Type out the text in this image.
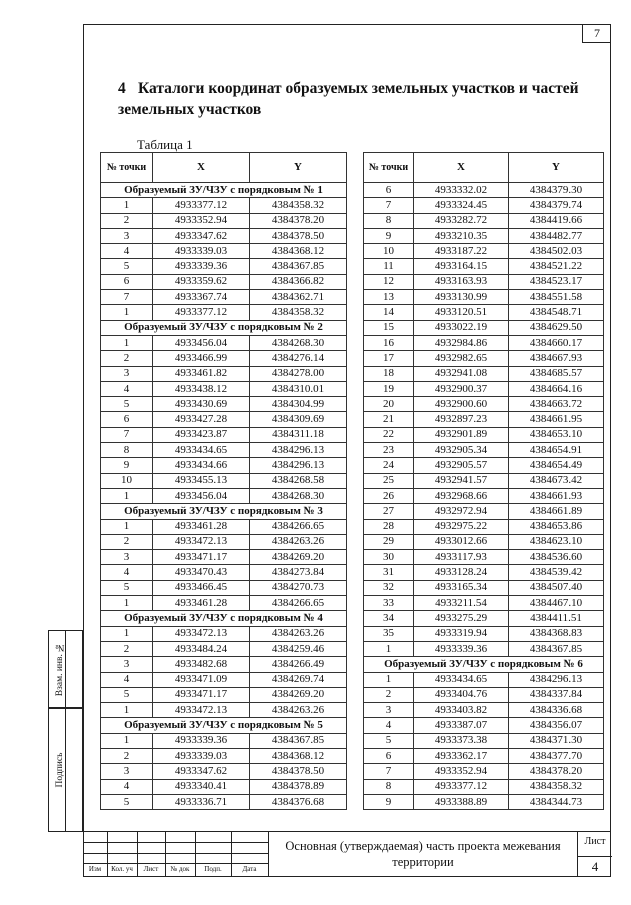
7
4 Каталоги координат образуемых земельных участков и частей земельных участков
Таблица 1
№ точки	X	Y
Образуемый ЗУ/ЧЗУ с порядковым № 1		
1	4933377.12	4384358.32
2	4933352.94	4384378.20
3	4933347.62	4384378.50
4	4933339.03	4384368.12
5	4933339.36	4384367.85
6	4933359.62	4384366.82
7	4933367.74	4384362.71
1	4933377.12	4384358.32
Образуемый ЗУ/ЧЗУ с порядковым № 2		
1	4933456.04	4384268.30
2	4933466.99	4384276.14
3	4933461.82	4384278.00
4	4933438.12	4384310.01
5	4933430.69	4384304.99
6	4933427.28	4384309.69
7	4933423.87	4384311.18
8	4933434.65	4384296.13
9	4933434.66	4384296.13
10	4933455.13	4384268.58
1	4933456.04	4384268.30
Образуемый ЗУ/ЧЗУ с порядковым № 3		
1	4933461.28	4384266.65
2	4933472.13	4384263.26
3	4933471.17	4384269.20
4	4933470.43	4384273.84
5	4933466.45	4384270.73
1	4933461.28	4384266.65
Образуемый ЗУ/ЧЗУ с порядковым № 4		
1	4933472.13	4384263.26
2	4933484.24	4384259.46
3	4933482.68	4384266.49
4	4933471.09	4384269.74
5	4933471.17	4384269.20
1	4933472.13	4384263.26
Образуемый ЗУ/ЧЗУ с порядковым № 5		
1	4933339.36	4384367.85
2	4933339.03	4384368.12
3	4933347.62	4384378.50
4	4933340.41	4384378.89
5	4933336.71	4384376.68
№ точки	X	Y
6	4933332.02	4384379.30
7	4933324.45	4384379.74
8	4933282.72	4384419.66
9	4933210.35	4384482.77
10	4933187.22	4384502.03
11	4933164.15	4384521.22
12	4933163.93	4384523.17
13	4933130.99	4384551.58
14	4933120.51	4384548.71
15	4933022.19	4384629.50
16	4932984.86	4384660.17
17	4932982.65	4384667.93
18	4932941.08	4384685.57
19	4932900.37	4384664.16
20	4932900.60	4384663.72
21	4932897.23	4384661.95
22	4932901.89	4384653.10
23	4932905.34	4384654.91
24	4932905.57	4384654.49
25	4932941.57	4384673.42
26	4932968.66	4384661.93
27	4932972.94	4384661.89
28	4932975.22	4384653.86
29	4933012.66	4384623.10
30	4933117.93	4384536.60
31	4933128.24	4384539.42
32	4933165.34	4384507.40
33	4933211.54	4384467.10
34	4933275.29	4384411.51
35	4933319.94	4384368.83
1	4933339.36	4384367.85
Образуемый ЗУ/ЧЗУ с порядковым № 6		
1	4933434.65	4384296.13
2	4933404.76	4384337.84
3	4933403.82	4384336.68
4	4933387.07	4384356.07
5	4933373.38	4384371.30
6	4933362.17	4384377.70
7	4933352.94	4384378.20
8	4933377.12	4384358.32
9	4933388.89	4384344.73
Взам. инв. №
Подпись
Изм	Кол. уч	Лист	№ док	Подп.	Дата
Основная (утверждаемая) часть проекта межевания территории
Лист
4
